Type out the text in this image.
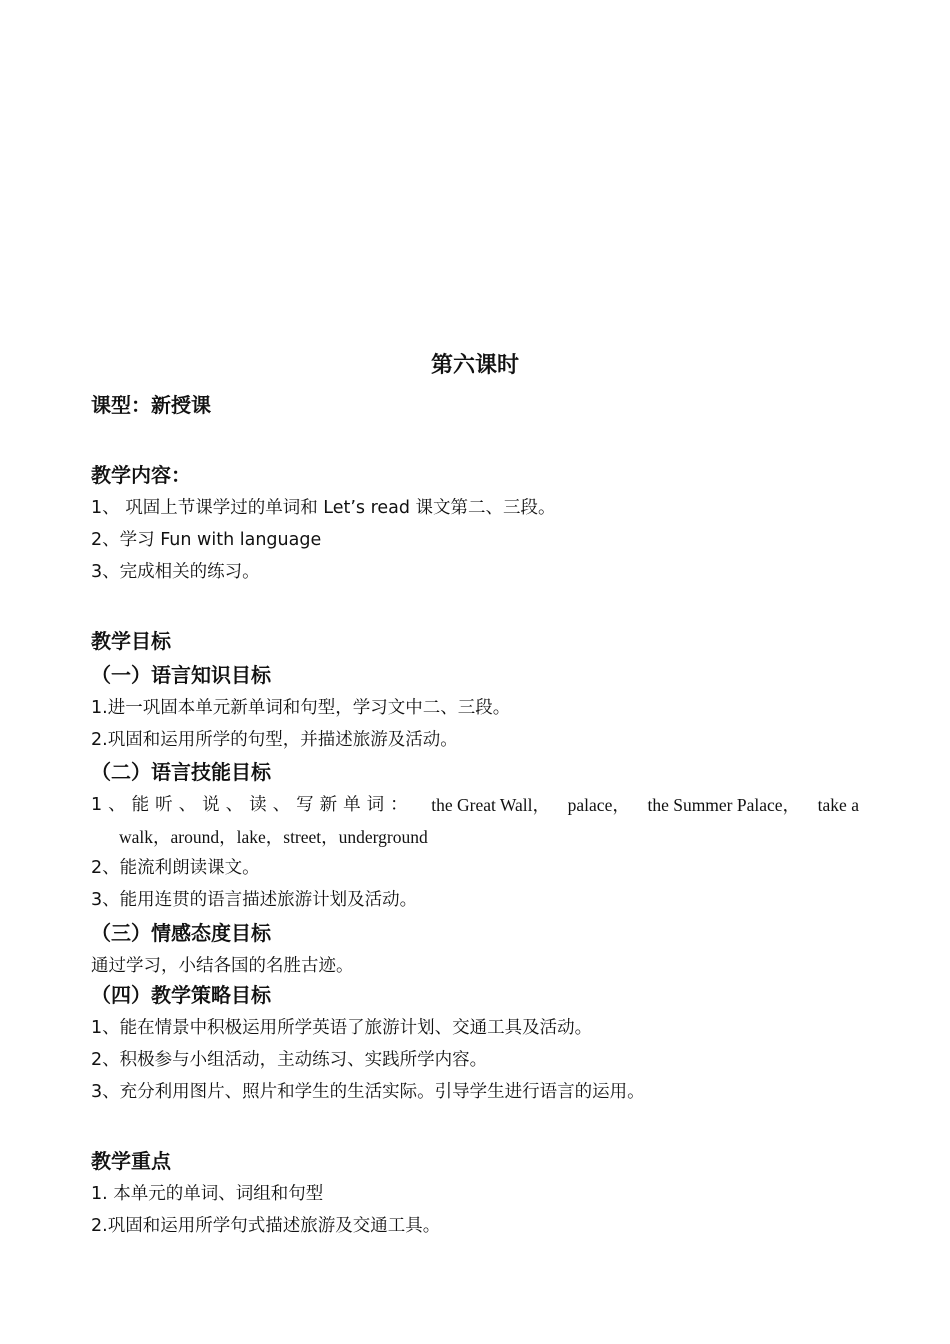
第六课时
课型：新授课
教学内容：
1、 巩固上节课学过的单词和 Let’s read 课文第二、三段。
2、学习 Fun with language
3、完成相关的练习。
教学目标
（一）语言知识目标
1.进一巩固本单元新单词和句型，学习文中二、三段。
2.巩固和运用所学的句型，并描述旅游及活动。
（二）语言技能目标
1、能听、说、读、写新单词： the Great Wall， palace， the Summer Palace， take a
walk，around，lake，street，underground
2、能流利朗读课文。
3、能用连贯的语言描述旅游计划及活动。
（三）情感态度目标
通过学习，小结各国的名胜古迹。
（四）教学策略目标
1、能在情景中积极运用所学英语了旅游计划、交通工具及活动。
2、积极参与小组活动，主动练习、实践所学内容。
3、充分利用图片、照片和学生的生活实际。引导学生进行语言的运用。
教学重点
1. 本单元的单词、词组和句型
2.巩固和运用所学句式描述旅游及交通工具。
